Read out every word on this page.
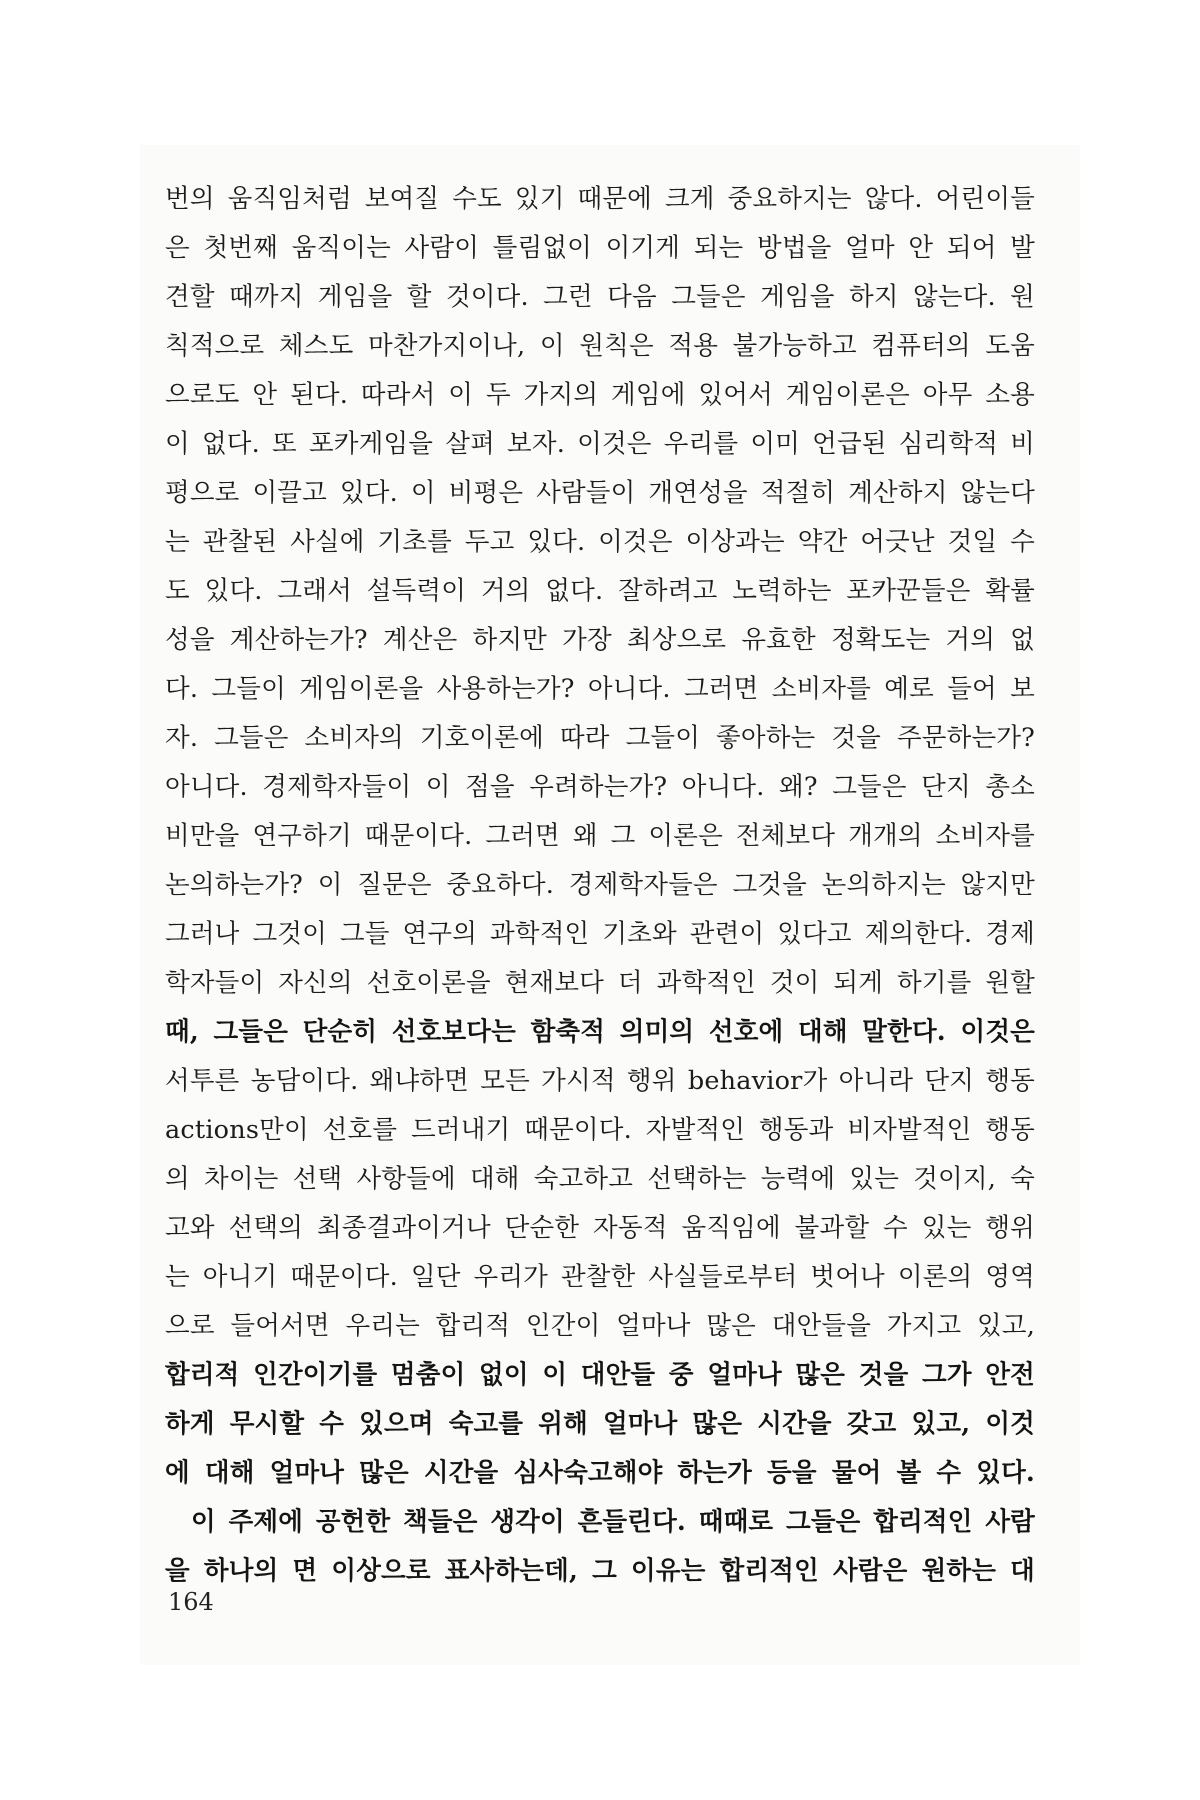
번의 움직임처럼 보여질 수도 있기 때문에 크게 중요하지는 않다. 어린이들
은 첫번째 움직이는 사람이 틀림없이 이기게 되는 방법을 얼마 안 되어 발
견할 때까지 게임을 할 것이다. 그런 다음 그들은 게임을 하지 않는다. 원
칙적으로 체스도 마찬가지이나, 이 원칙은 적용 불가능하고 컴퓨터의 도움
으로도 안 된다. 따라서 이 두 가지의 게임에 있어서 게임이론은 아무 소용
이 없다. 또 포카게임을 살펴 보자. 이것은 우리를 이미 언급된 심리학적 비
평으로 이끌고 있다. 이 비평은 사람들이 개연성을 적절히 계산하지 않는다
는 관찰된 사실에 기초를 두고 있다. 이것은 이상과는 약간 어긋난 것일 수
도 있다. 그래서 설득력이 거의 없다. 잘하려고 노력하는 포카꾼들은 확률
성을 계산하는가? 계산은 하지만 가장 최상으로 유효한 정확도는 거의 없
다. 그들이 게임이론을 사용하는가? 아니다. 그러면 소비자를 예로 들어 보
자. 그들은 소비자의 기호이론에 따라 그들이 좋아하는 것을 주문하는가?
아니다. 경제학자들이 이 점을 우려하는가? 아니다. 왜? 그들은 단지 총소
비만을 연구하기 때문이다. 그러면 왜 그 이론은 전체보다 개개의 소비자를
논의하는가? 이 질문은 중요하다. 경제학자들은 그것을 논의하지는 않지만
그러나 그것이 그들 연구의 과학적인 기초와 관련이 있다고 제의한다. 경제
학자들이 자신의 선호이론을 현재보다 더 과학적인 것이 되게 하기를 원할
때, 그들은 단순히 선호보다는 함축적 의미의 선호에 대해 말한다. 이것은
서투른 농담이다. 왜냐하면 모든 가시적 행위 behavior가 아니라 단지 행동
actions만이 선호를 드러내기 때문이다. 자발적인 행동과 비자발적인 행동
의 차이는 선택 사항들에 대해 숙고하고 선택하는 능력에 있는 것이지, 숙
고와 선택의 최종결과이거나 단순한 자동적 움직임에 불과할 수 있는 행위
는 아니기 때문이다. 일단 우리가 관찰한 사실들로부터 벗어나 이론의 영역
으로 들어서면 우리는 합리적 인간이 얼마나 많은 대안들을 가지고 있고,
합리적 인간이기를 멈춤이 없이 이 대안들 중 얼마나 많은 것을 그가 안전
하게 무시할 수 있으며 숙고를 위해 얼마나 많은 시간을 갖고 있고, 이것
에 대해 얼마나 많은 시간을 심사숙고해야 하는가 등을 물어 볼 수 있다.
이 주제에 공헌한 책들은 생각이 흔들린다. 때때로 그들은 합리적인 사람
을 하나의 면 이상으로 표사하는데, 그 이유는 합리적인 사람은 원하는 대
164
